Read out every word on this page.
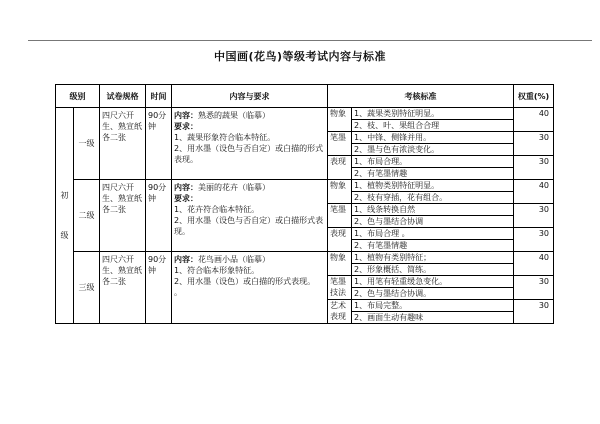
中国画(花鸟)等级考试内容与标准
级别		试卷规格	时间	内容与要求	考核标准		权重(%)
初级	一级	四尺六开生、熟宣纸各二张	90分钟	内容：熟悉的蔬果（临摹）
要求：
1、蔬果形象符合临本特征。
2、用水墨（设色与否自定）或白描的形式表现。	物象	1、蔬果类别特征明显。	40
						2、枝、叶、果组合合理	
					笔墨	1、中锋、侧锋并用。	30
						2、墨与色有浓淡变化。	
					表现	1、布局合理。	30
						2、有笔墨情趣	
	二级	四尺六开生、熟宣纸各二张	90分钟	内容：美丽的花卉（临摹）
要求：
1、花卉符合临本特征。
2、用水墨（设色与否自定）或白描形式表现。	物象	1、植物类别特征明显。	40
						2、枝有穿插，花有组合。	
					笔墨	1、线条转换自然	30
						2、色与墨结合协调	
					表现	1、布局合理 。	30
						2、有笔墨情趣	
	三级	四尺六开生、熟宣纸各二张	90分钟	内容：花鸟画小品（临摹）
1、符合临本形象特征。
2、用水墨（设色）或白描的形式表现。
。	物象	1、植物有类别特征；	40
						2、形象概括、简练。	
					笔墨技法	1、用笔有轻重缓急变化。	30
						2、色与墨结合协调。	
					艺术表现	1、布局完整。	30
						2、画面生动有趣味	
